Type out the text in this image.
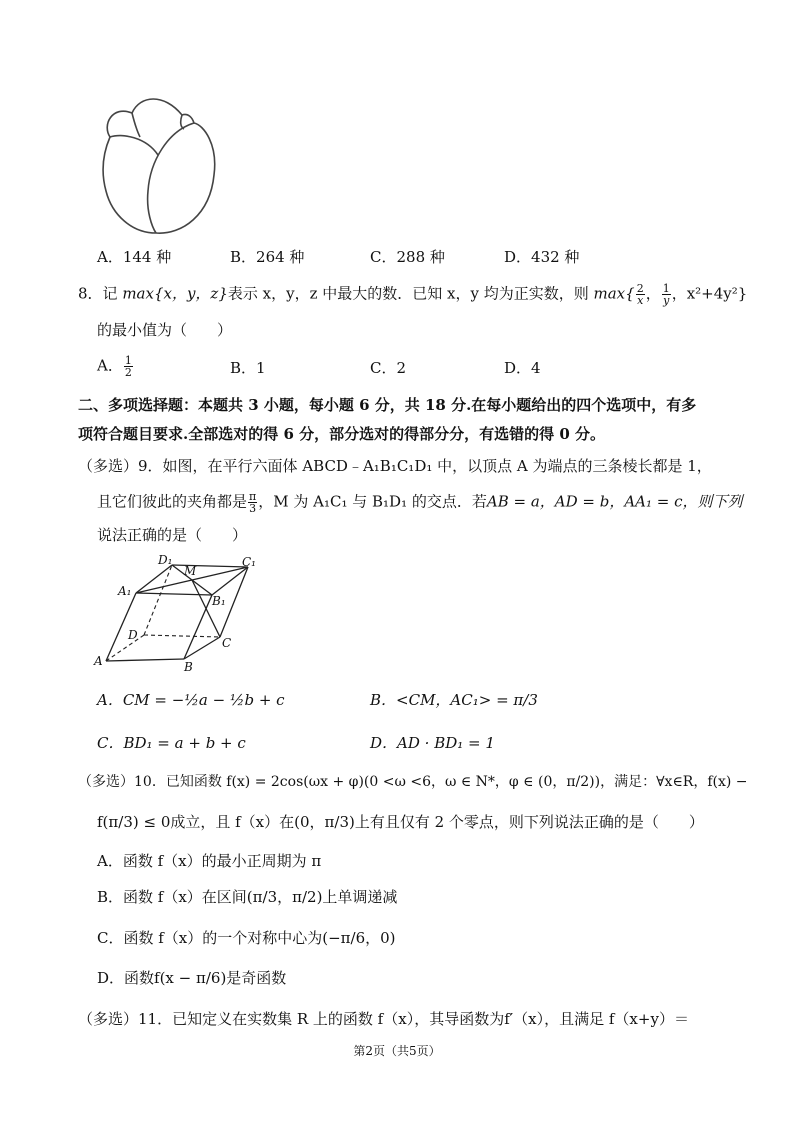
A．144 种	B．264 种	C．288 种	D．432 种
8．记 max{x，y，z}表示 x，y，z 中最大的数．已知 x，y 均为正实数，则 $\max\{ \frac{2}{x}$ ， $\frac{1}{y}$ ，x²+4y²}
的最小值为（　　）
A． $\frac{1}{2}$	B．1	C．2	D．4
二、多项选择题：本题共 3 小题，每小题 6 分，共 18 分.在每小题给出的四个选项中，有多
项符合题目要求.全部选对的得 6 分，部分选对的得部分分，有选错的得 0 分。
（多选）9．如图，在平行六面体 ABCD﹣A₁B₁C₁D₁ 中，以顶点 A 为端点的三条棱长都是 1，
且它们彼此的夹角都是 $\frac{\pi}{3}$ ，M 为 A₁C₁ 与 B₁D₁ 的交点．若AB = a，AD = b，AA₁ = c，则下列
说法正确的是（　　）
D₁
M
C₁
A₁
B₁
D
C
A	B
A．CM = −½a − ½b + c	B．<CM，AC₁> = π/3
C．BD₁ = a + b + c	D．AD · BD₁ = 1
（多选）10．已知函数 f(x) = 2cos(ωx + φ)(0 <ω <6，ω ∈ N*，φ ∈ (0，π/2))，满足：∀x∈R，f(x) −
f(π/3) ≤ 0成立，且 f（x）在(0，π/3)上有且仅有 2 个零点，则下列说法正确的是（　　）
A．函数 f（x）的最小正周期为 π
B．函数 f（x）在区间(π/3，π/2)上单调递减
C．函数 f（x）的一个对称中心为(−π/6，0)
D．函数f(x − π/6)是奇函数
（多选）11．已知定义在实数集 R 上的函数 f（x），其导函数为f′（x），且满足 f（x+y）＝
第2页（共5页）
